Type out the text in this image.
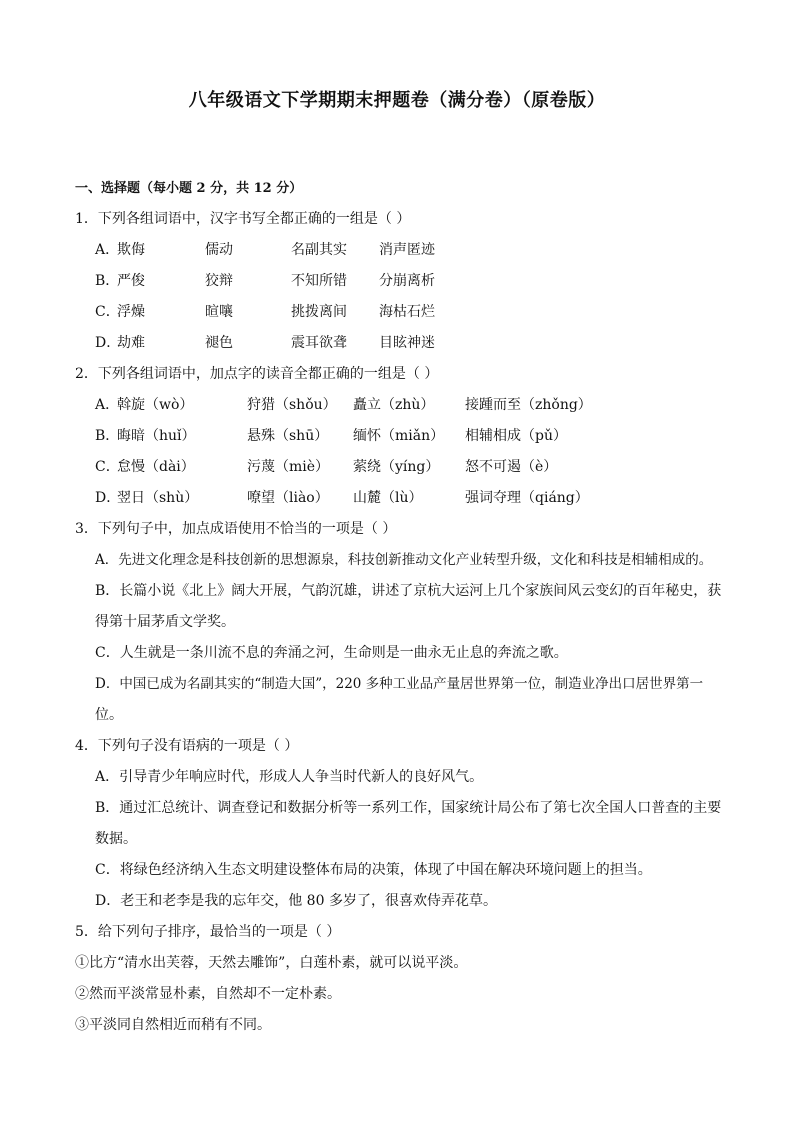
八年级语文下学期期末押题卷（满分卷）（原卷版）
一、选择题（每小题 2 分，共 12 分）
1．下列各组词语中，汉字书写全都正确的一组是（ ）
A．欺侮	儒动	名副其实 消声匿迹
B．严俊	狡辩	不知所错 分崩离析
C．浮燥	暄嚷	挑拨离间 海枯石烂
D．劫难	褪色	震耳欲聋 目眩神迷
2．下列各组词语中，加点字的读音全都正确的一组是（ ）
A．斡旋（wò）	狩猎（shǒu） 矗立（zhù） 接踵而至（zhǒng）
B．晦暗（huǐ）	悬殊（shū） 缅怀（miǎn） 相辅相成（pǔ）
C．怠慢（dài）	污蔑（miè） 萦绕（yíng） 怒不可遏（è）
D．翌日（shù）	嘹望（liào） 山麓（lù）	强词夺理（qiáng）
3．下列句子中，加点成语使用不恰当的一项是（ ）
A．先进文化理念是科技创新的思想源泉，科技创新推动文化产业转型升级，文化和科技是相辅相成的。
B．长篇小说《北上》阔大开展，气韵沉雄，讲述了京杭大运河上几个家族间风云变幻的百年秘史，获
得第十届茅盾文学奖。
C．人生就是一条川流不息的奔涌之河，生命则是一曲永无止息的奔流之歌。
D．中国已成为名副其实的“制造大国”，220 多种工业品产量居世界第一位，制造业净出口居世界第一
位。
4．下列句子没有语病的一项是（ ）
A．引导青少年响应时代，形成人人争当时代新人的良好风气。
B．通过汇总统计、调查登记和数据分析等一系列工作，国家统计局公布了第七次全国人口普查的主要
数据。
C．将绿色经济纳入生态文明建设整体布局的决策，体现了中国在解决环境问题上的担当。
D．老王和老李是我的忘年交，他 80 多岁了，很喜欢侍弄花草。
5．给下列句子排序，最恰当的一项是（ ）
①比方“清水出芙蓉，天然去雕饰”，白莲朴素，就可以说平淡。
②然而平淡常显朴素，自然却不一定朴素。
③平淡同自然相近而稍有不同。
